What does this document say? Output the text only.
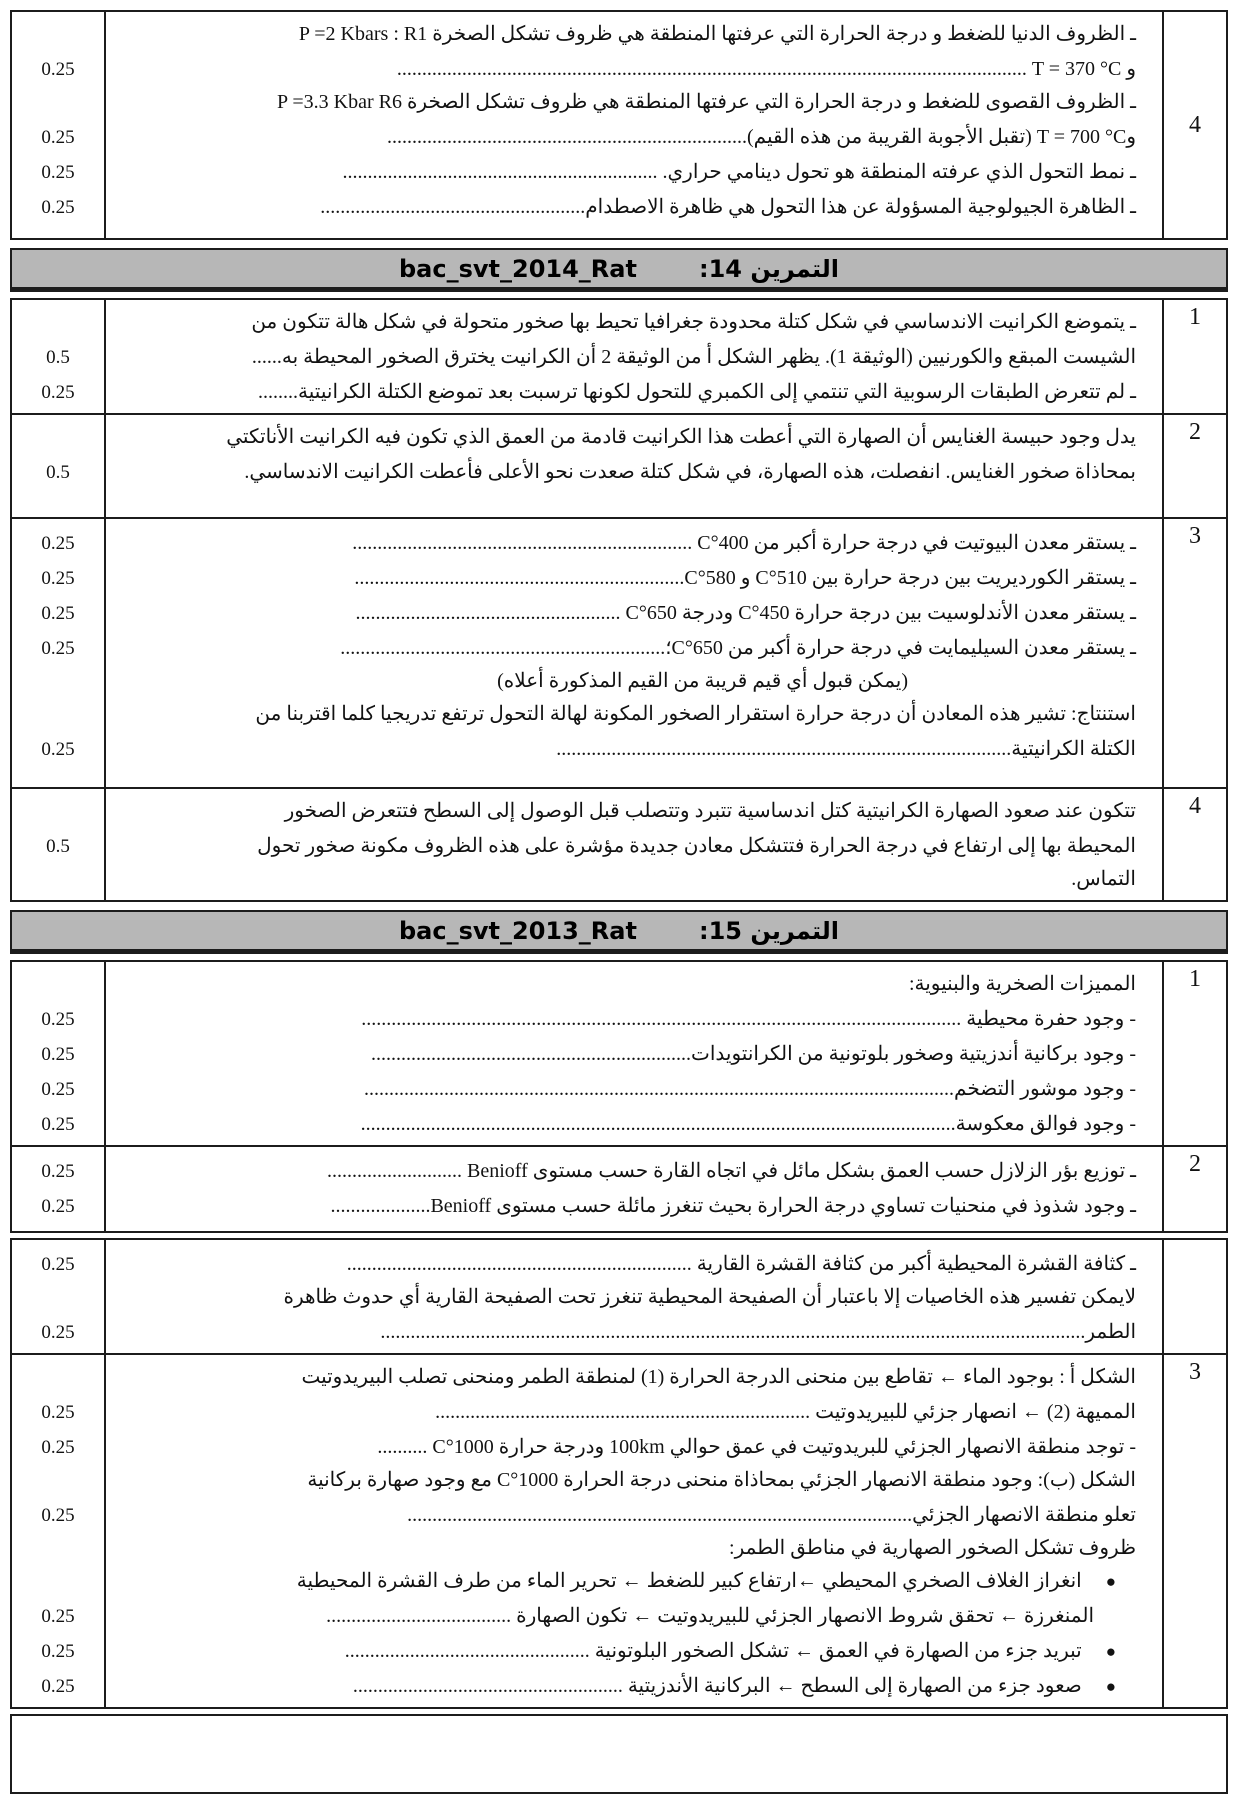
4
ـ الظروف الدنيا للضغط و درجة الحرارة التي عرفتها المنطقة هي ظروف تشكل الصخرة P =2 Kbars : R1
و T = 370 °C ..............................................................................................................................
0.25
ـ الظروف القصوى للضغط و درجة الحرارة التي عرفتها المنطقة هي ظروف تشكل الصخرة P =3.3 Kbar R6
وT = 700 °C (تقبل الأجوبة القريبة من هذه القيم)........................................................................
0.25
ـ نمط التحول الذي عرفته المنطقة هو تحول دينامي حراري. ...............................................................
0.25
ـ الظاهرة الجيولوجية المسؤولة عن هذا التحول هي ظاهرة الاصطدام.....................................................
0.25
التمرين 14:
bac_svt_2014_Rat
1
ـ يتموضع الكرانيت الاندساسي في شكل كتلة محدودة جغرافيا تحيط بها صخور متحولة في شكل هالة تتكون من
الشيست المبقع والكورنيين (الوثيقة 1). يظهر الشكل أ من الوثيقة 2 أن الكرانيت يخترق الصخور المحيطة به......
0.5
ـ لم تتعرض الطبقات الرسوبية التي تنتمي إلى الكمبري للتحول لكونها ترسبت بعد تموضع الكتلة الكرانيتية........
0.25
2
يدل وجود حبيسة الغنايس أن الصهارة التي أعطت هذا الكرانيت قادمة من العمق الذي تكون فيه الكرانيت الأناتكتي
بمحاذاة صخور الغنايس. انفصلت، هذه الصهارة، في شكل كتلة صعدت نحو الأعلى فأعطت الكرانيت الاندساسي.
0.5
3
ـ يستقر معدن البيوتيت في درجة حرارة أكبر من 400°C ....................................................................
0.25
ـ يستقر الكورديريت بين درجة حرارة بين 510°C و 580°C..................................................................
0.25
ـ يستقر معدن الأندلوسيت بين درجة حرارة 450°C ودرجة 650°C .....................................................
0.25
ـ يستقر معدن السيليمايت في درجة حرارة أكبر من 650°C؛.................................................................
0.25
(يمكن قبول أي قيم قريبة من القيم المذكورة أعلاه)
استنتاج: تشير هذه المعادن أن درجة حرارة استقرار الصخور المكونة لهالة التحول ترتفع تدريجيا كلما اقتربنا من
الكتلة الكرانيتية...........................................................................................
0.25
4
تتكون عند صعود الصهارة الكرانيتية كتل اندساسية تتبرد وتتصلب قبل الوصول إلى السطح فتتعرض الصخور
المحيطة بها إلى ارتفاع في درجة الحرارة فتتشكل معادن جديدة مؤشرة على هذه الظروف مكونة صخور تحول
0.5
التماس.
التمرين 15:
bac_svt_2013_Rat
1
المميزات الصخرية والبنيوية:
- وجود حفرة محيطية ........................................................................................................................
0.25
- وجود بركانية أندزيتية وصخور بلوتونية من الكرانتويدات................................................................
0.25
- وجود موشور التضخم......................................................................................................................
0.25
- وجود فوالق معكوسة.......................................................................................................................
0.25
2
ـ توزيع بؤر الزلازل حسب العمق بشكل مائل في اتجاه القارة حسب مستوى Benioff ...........................
0.25
ـ وجود شذوذ في منحنيات تساوي درجة الحرارة بحيث تنغرز مائلة حسب مستوى Benioff....................
0.25
ـ كثافة القشرة المحيطية أكبر من كثافة القشرة القارية .....................................................................
0.25
لايمكن تفسير هذه الخاصيات إلا باعتبار أن الصفيحة المحيطية تنغرز تحت الصفيحة القارية أي حدوث ظاهرة
الطمر.............................................................................................................................................
0.25
3
الشكل أ : بوجود الماء ← تقاطع بين منحنى الدرجة الحرارة (1) لمنطقة الطمر ومنحنى تصلب البيريدوتيت
المميهة (2) ← انصهار جزئي للبيريدوتيت ...........................................................................
0.25
- توجد منطقة الانصهار الجزئي للبريدوتيت في عمق حوالي 100km ودرجة حرارة 1000°C ..........
0.25
الشكل (ب): وجود منطقة الانصهار الجزئي بمحاذاة منحنى درجة الحرارة 1000°C مع وجود صهارة بركانية
تعلو منطقة الانصهار الجزئي.....................................................................................................
0.25
ظروف تشكل الصخور الصهارية في مناطق الطمر:
●
انغراز الغلاف الصخري المحيطي ←ارتفاع كبير للضغط ← تحرير الماء من طرف القشرة المحيطية
المنغرزة ← تحقق شروط الانصهار الجزئي للبيريدوتيت ← تكون الصهارة .....................................
0.25
●
تبريد جزء من الصهارة في العمق ← تشكل الصخور البلوتونية .................................................
0.25
●
صعود جزء من الصهارة إلى السطح ← البركانية الأندزيتية ......................................................
0.25
